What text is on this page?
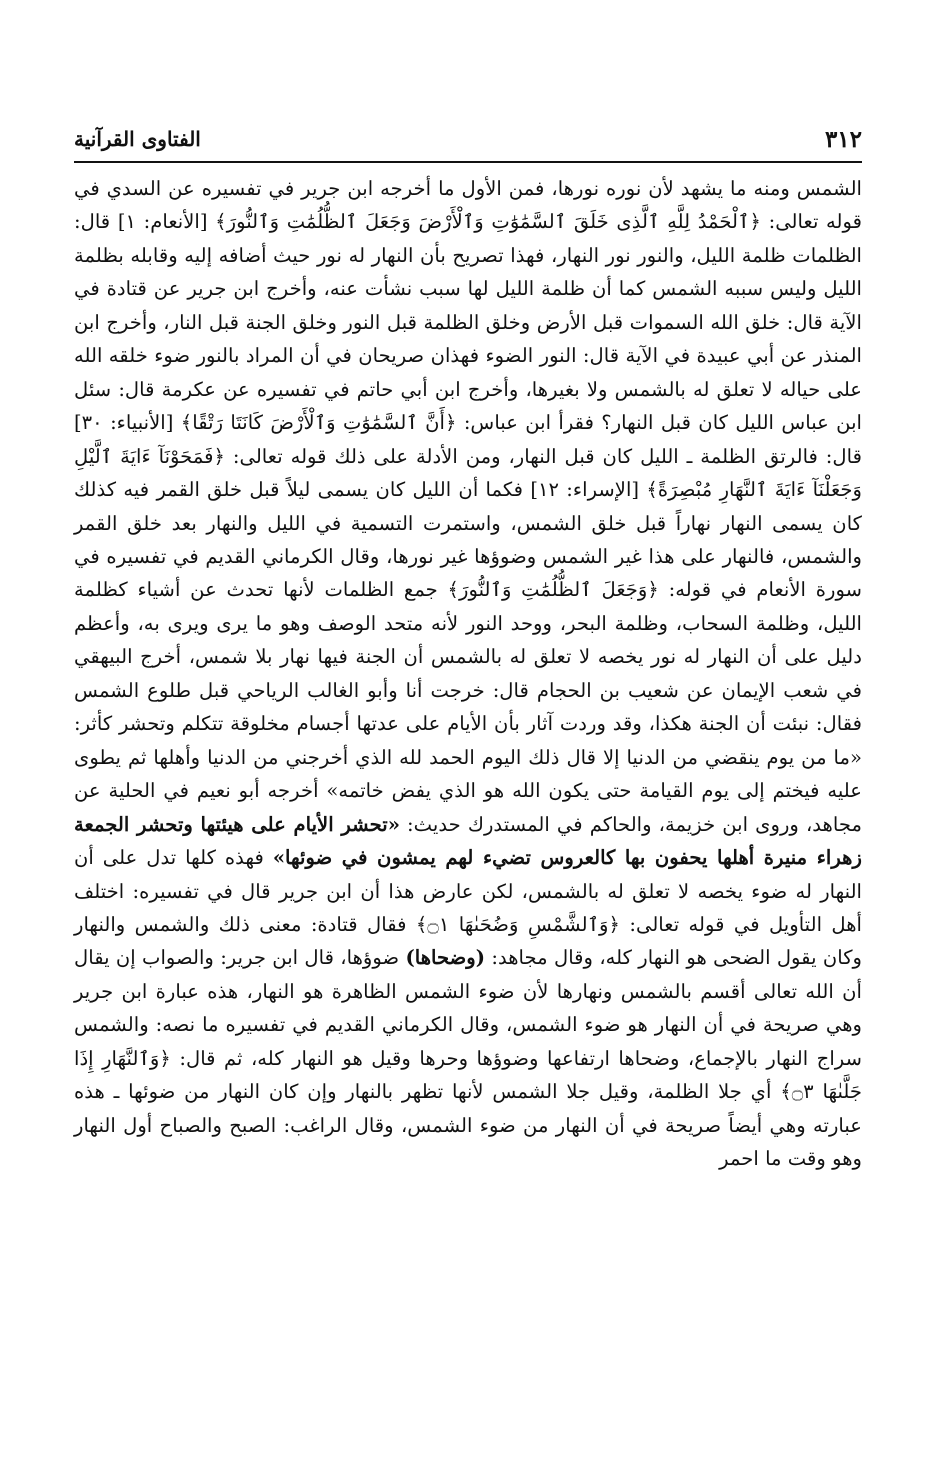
٣١٢
الفتاوى القرآنية

الشمس ومنه ما يشهد لأن نوره نورها، فمن الأول ما أخرجه ابن جرير في تفسيره عن السدي في قوله تعالى: ﴿ٱلْحَمْدُ لِلَّهِ ٱلَّذِى خَلَقَ ٱلسَّمَٰوَٰتِ وَٱلْأَرْضَ وَجَعَلَ ٱلظُّلُمَٰتِ وَٱلنُّورَ﴾ [الأنعام: ١] قال: الظلمات ظلمة الليل، والنور نور النهار، فهذا تصريح بأن النهار له نور حيث أضافه إليه وقابله بظلمة الليل وليس سببه الشمس كما أن ظلمة الليل لها سبب نشأت عنه، وأخرج ابن جرير عن قتادة في الآية قال: خلق الله السموات قبل الأرض وخلق الظلمة قبل النور وخلق الجنة قبل النار، وأخرج ابن المنذر عن أبي عبيدة في الآية قال: النور الضوء فهذان صريحان في أن المراد بالنور ضوء خلقه الله على حياله لا تعلق له بالشمس ولا بغيرها، وأخرج ابن أبي حاتم في تفسيره عن عكرمة قال: سئل ابن عباس الليل كان قبل النهار؟ فقرأ ابن عباس: ﴿أَنَّ ٱلسَّمَٰوَٰتِ وَٱلْأَرْضَ كَانَتَا رَتْقًا﴾ [الأنبياء: ٣٠] قال: فالرتق الظلمة ـ الليل كان قبل النهار، ومن الأدلة على ذلك قوله تعالى: ﴿فَمَحَوْنَآ ءَايَةَ ٱلَّيْلِ وَجَعَلْنَآ ءَايَةَ ٱلنَّهَارِ مُبْصِرَةً﴾ [الإسراء: ١٢] فكما أن الليل كان يسمى ليلاً قبل خلق القمر فيه كذلك كان يسمى النهار نهاراً قبل خلق الشمس، واستمرت التسمية في الليل والنهار بعد خلق القمر والشمس، فالنهار على هذا غير الشمس وضوؤها غير نورها، وقال الكرماني القديم في تفسيره في سورة الأنعام في قوله: ﴿وَجَعَلَ ٱلظُّلُمَٰتِ وَٱلنُّورَ﴾ جمع الظلمات لأنها تحدث عن أشياء كظلمة الليل، وظلمة السحاب، وظلمة البحر، ووحد النور لأنه متحد الوصف وهو ما يرى ويرى به، وأعظم دليل على أن النهار له نور يخصه لا تعلق له بالشمس أن الجنة فيها نهار بلا شمس، أخرج البيهقي في شعب الإيمان عن شعيب بن الحجام قال: خرجت أنا وأبو الغالب الرياحي قبل طلوع الشمس فقال: نبئت أن الجنة هكذا، وقد وردت آثار بأن الأيام على عدتها أجسام مخلوقة تتكلم وتحشر كأثر: «ما من يوم ينقضي من الدنيا إلا قال ذلك اليوم الحمد لله الذي أخرجني من الدنيا وأهلها ثم يطوى عليه فيختم إلى يوم القيامة حتى يكون الله هو الذي يفض خاتمه» أخرجه أبو نعيم في الحلية عن مجاهد، وروى ابن خزيمة، والحاكم في المستدرك حديث: «تحشر الأيام على هيئتها وتحشر الجمعة زهراء منيرة أهلها يحفون بها كالعروس تضيء لهم يمشون في ضوئها» فهذه كلها تدل على أن النهار له ضوء يخصه لا تعلق له بالشمس، لكن عارض هذا أن ابن جرير قال في تفسيره: اختلف أهل التأويل في قوله تعالى: ﴿وَٱلشَّمْسِ وَضُحَىٰهَا ۝١﴾ فقال قتادة: معنى ذلك والشمس والنهار وكان يقول الضحى هو النهار كله، وقال مجاهد: (وضحاها) ضوؤها، قال ابن جرير: والصواب إن يقال أن الله تعالى أقسم بالشمس ونهارها لأن ضوء الشمس الظاهرة هو النهار، هذه عبارة ابن جرير وهي صريحة في أن النهار هو ضوء الشمس، وقال الكرماني القديم في تفسيره ما نصه: والشمس سراج النهار بالإجماع، وضحاها ارتفاعها وضوؤها وحرها وقيل هو النهار كله، ثم قال: ﴿وَٱلنَّهَارِ إِذَا جَلَّىٰهَا ۝٣﴾ أي جلا الظلمة، وقيل جلا الشمس لأنها تظهر بالنهار وإن كان النهار من ضوئها ـ هذه عبارته وهي أيضاً صريحة في أن النهار من ضوء الشمس، وقال الراغب: الصبح والصباح أول النهار وهو وقت ما احمر
